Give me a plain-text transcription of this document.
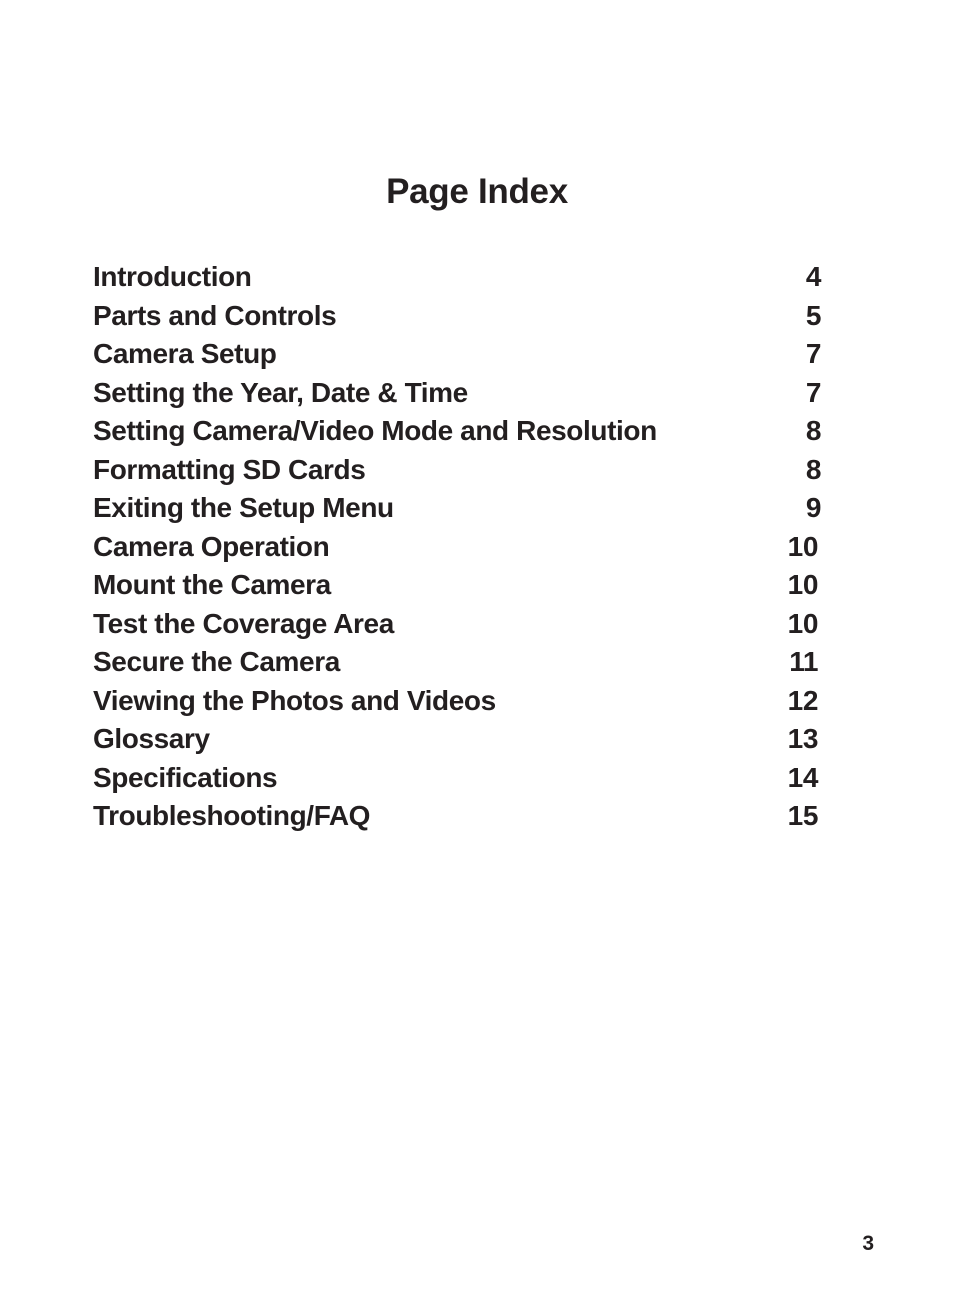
Page Index
Introduction	4
Parts and Controls	5
Camera Setup	7
Setting the Year, Date & Time	7
Setting Camera/Video Mode and Resolution	8
Formatting SD Cards	8
Exiting the Setup Menu	9
Camera Operation	10
Mount the Camera	10
Test the Coverage Area	10
Secure the Camera	11
Viewing the Photos and Videos	12
Glossary	13
Specifications	14
Troubleshooting/FAQ	15
3
